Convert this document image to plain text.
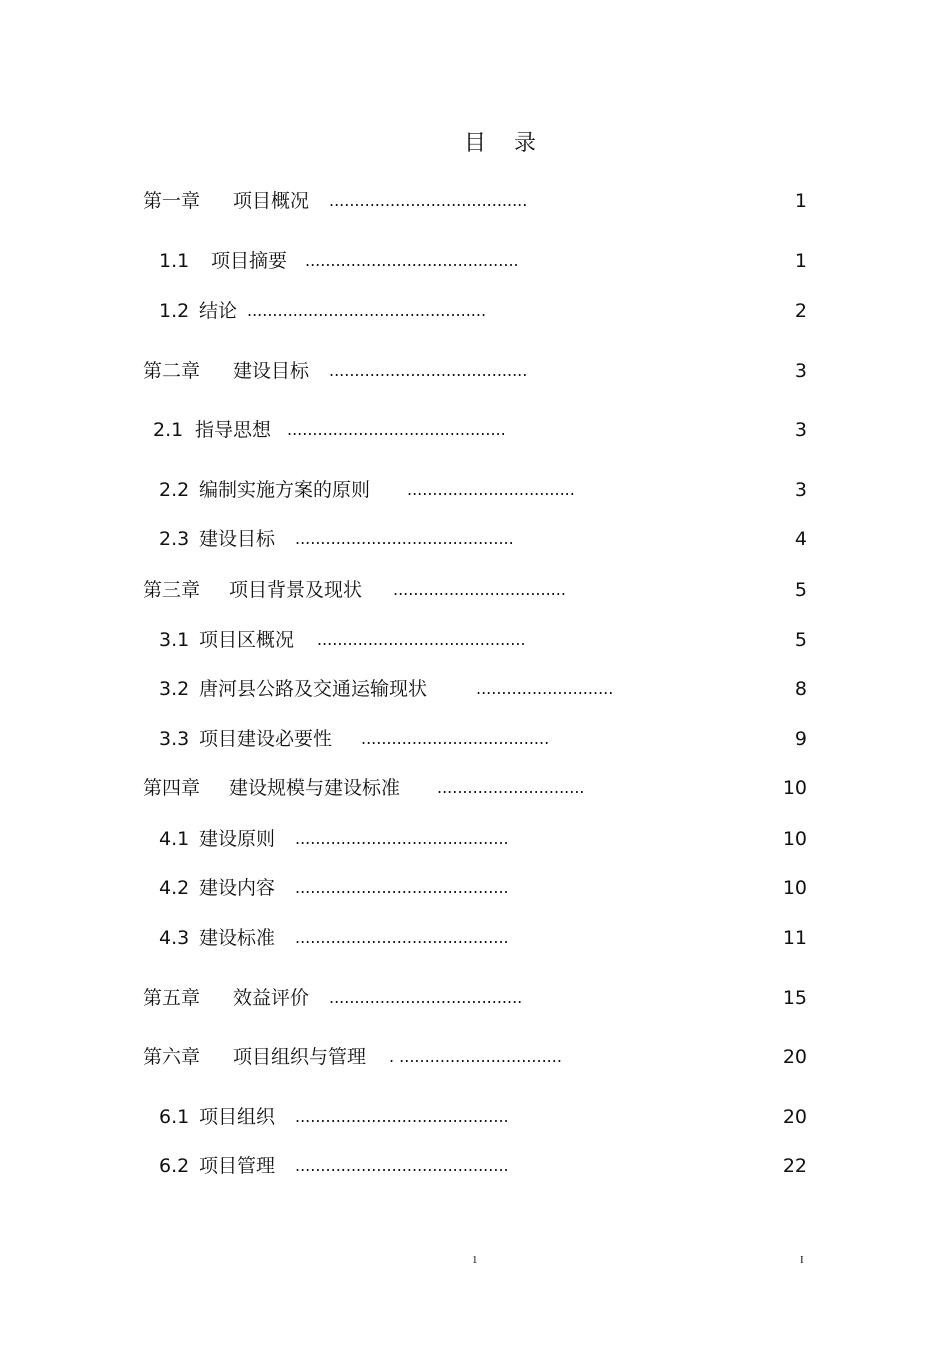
目 录
第一章 项目概况 .......................................	1
1.1 项目摘要 ..........................................	1
1.2 结论 ...............................................	2
第二章 建设目标 .......................................	3
2.1 指导思想 ...........................................	3
2.2 编制实施方案的原则 .................................	3
2.3 建设目标 ...........................................	4
第三章 项目背景及现状 ..................................	5
3.1 项目区概况 .........................................	5
3.2 唐河县公路及交通运输现状	...........................	8
3.3 项目建设必要性 .....................................	9
第四章 建设规模与建设标准 .............................	10
4.1 建设原则 ..........................................	10
4.2 建设内容 ..........................................	10
4.3 建设标准 ..........................................	11
第五章 效益评价 ......................................	15
第六章 项目组织与管理 . ................................	20
6.1 项目组织 ..........................................	20
6.2 项目管理 ..........................................	22
1	I
